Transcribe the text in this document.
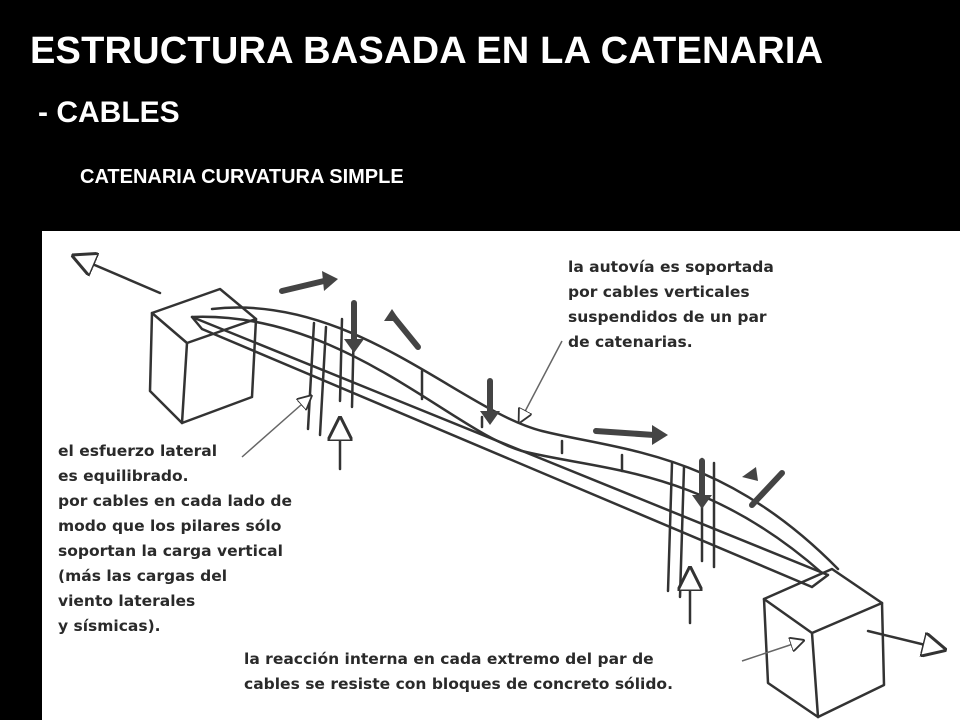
ESTRUCTURA BASADA EN LA CATENARIA
- CABLES
CATENARIA CURVATURA SIMPLE
la autovía es soportada
por cables verticales
suspendidos de un par
de catenarias.
el esfuerzo lateral
es equilibrado.
por cables en cada lado de
modo que los pilares sólo
soportan la carga vertical
(más las cargas del
viento laterales
y sísmicas).
la reacción interna en cada extremo del par de
cables se resiste con bloques de concreto sólido.
